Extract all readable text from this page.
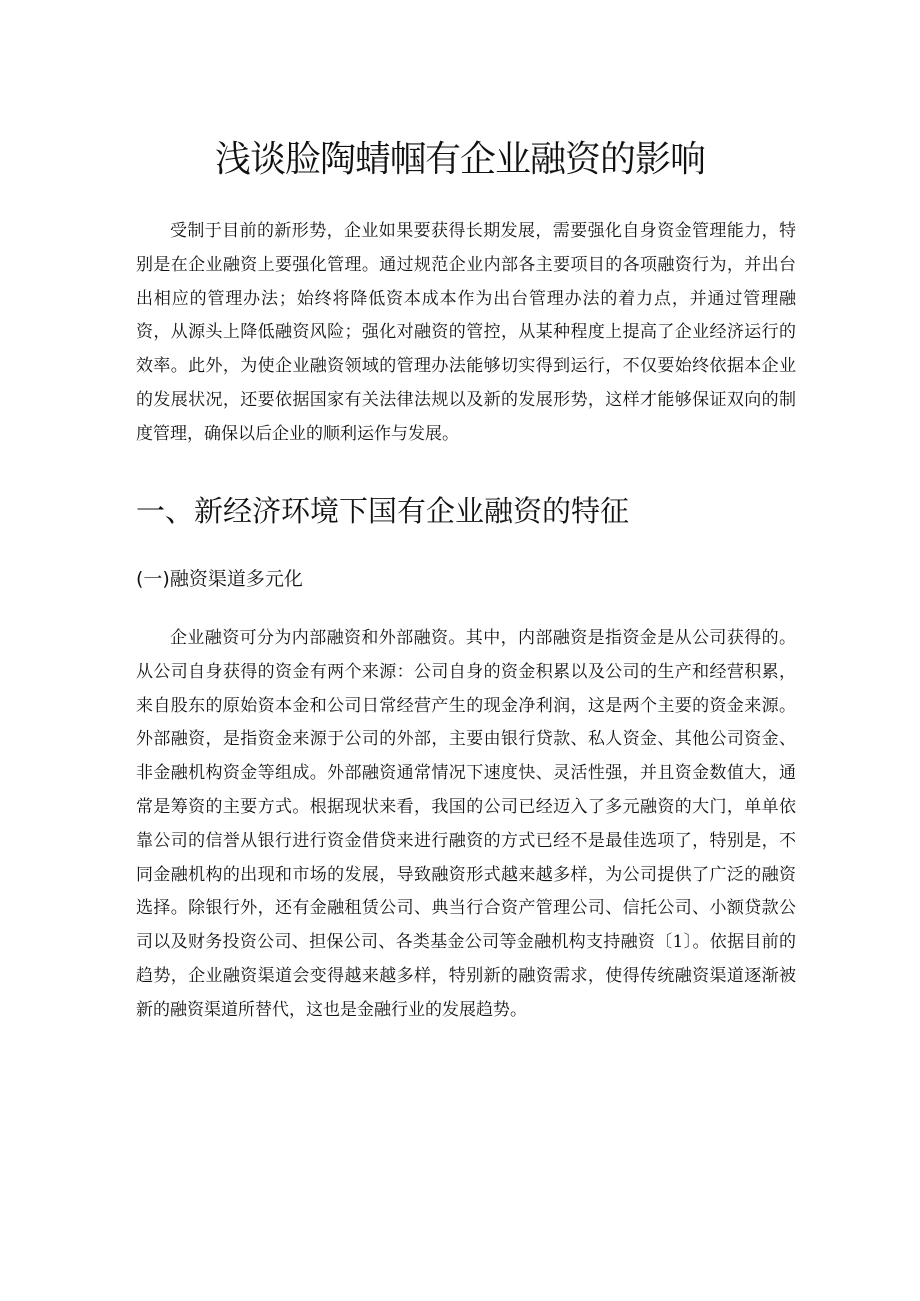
浅谈脸陶蜻帼有企业融资的影响

受制于目前的新形势，企业如果要获得长期发展，需要强化自身资金管理能力，特别是在企业融资上要强化管理。通过规范企业内部各主要项目的各项融资行为，并出台出相应的管理办法；始终将降低资本成本作为出台管理办法的着力点，并通过管理融资，从源头上降低融资风险；强化对融资的管控，从某种程度上提高了企业经济运行的效率。此外，为使企业融资领域的管理办法能够切实得到运行，不仅要始终依据本企业的发展状况，还要依据国家有关法律法规以及新的发展形势，这样才能够保证双向的制度管理，确保以后企业的顺利运作与发展。

一、新经济环境下国有企业融资的特征
(一)融资渠道多元化

企业融资可分为内部融资和外部融资。其中，内部融资是指资金是从公司获得的。从公司自身获得的资金有两个来源：公司自身的资金积累以及公司的生产和经营积累，来自股东的原始资本金和公司日常经营产生的现金净利润，这是两个主要的资金来源。外部融资，是指资金来源于公司的外部，主要由银行贷款、私人资金、其他公司资金、非金融机构资金等组成。外部融资通常情况下速度快、灵活性强，并且资金数值大，通常是筹资的主要方式。根据现状来看，我国的公司已经迈入了多元融资的大门，单单依靠公司的信誉从银行进行资金借贷来进行融资的方式已经不是最佳选项了，特别是，不同金融机构的出现和市场的发展，导致融资形式越来越多样，为公司提供了广泛的融资选择。除银行外，还有金融租赁公司、典当行合资产管理公司、信托公司、小额贷款公司以及财务投资公司、担保公司、各类基金公司等金融机构支持融资〔1〕。依据目前的趋势，企业融资渠道会变得越来越多样，特别新的融资需求，使得传统融资渠道逐渐被新的融资渠道所替代，这也是金融行业的发展趋势。
